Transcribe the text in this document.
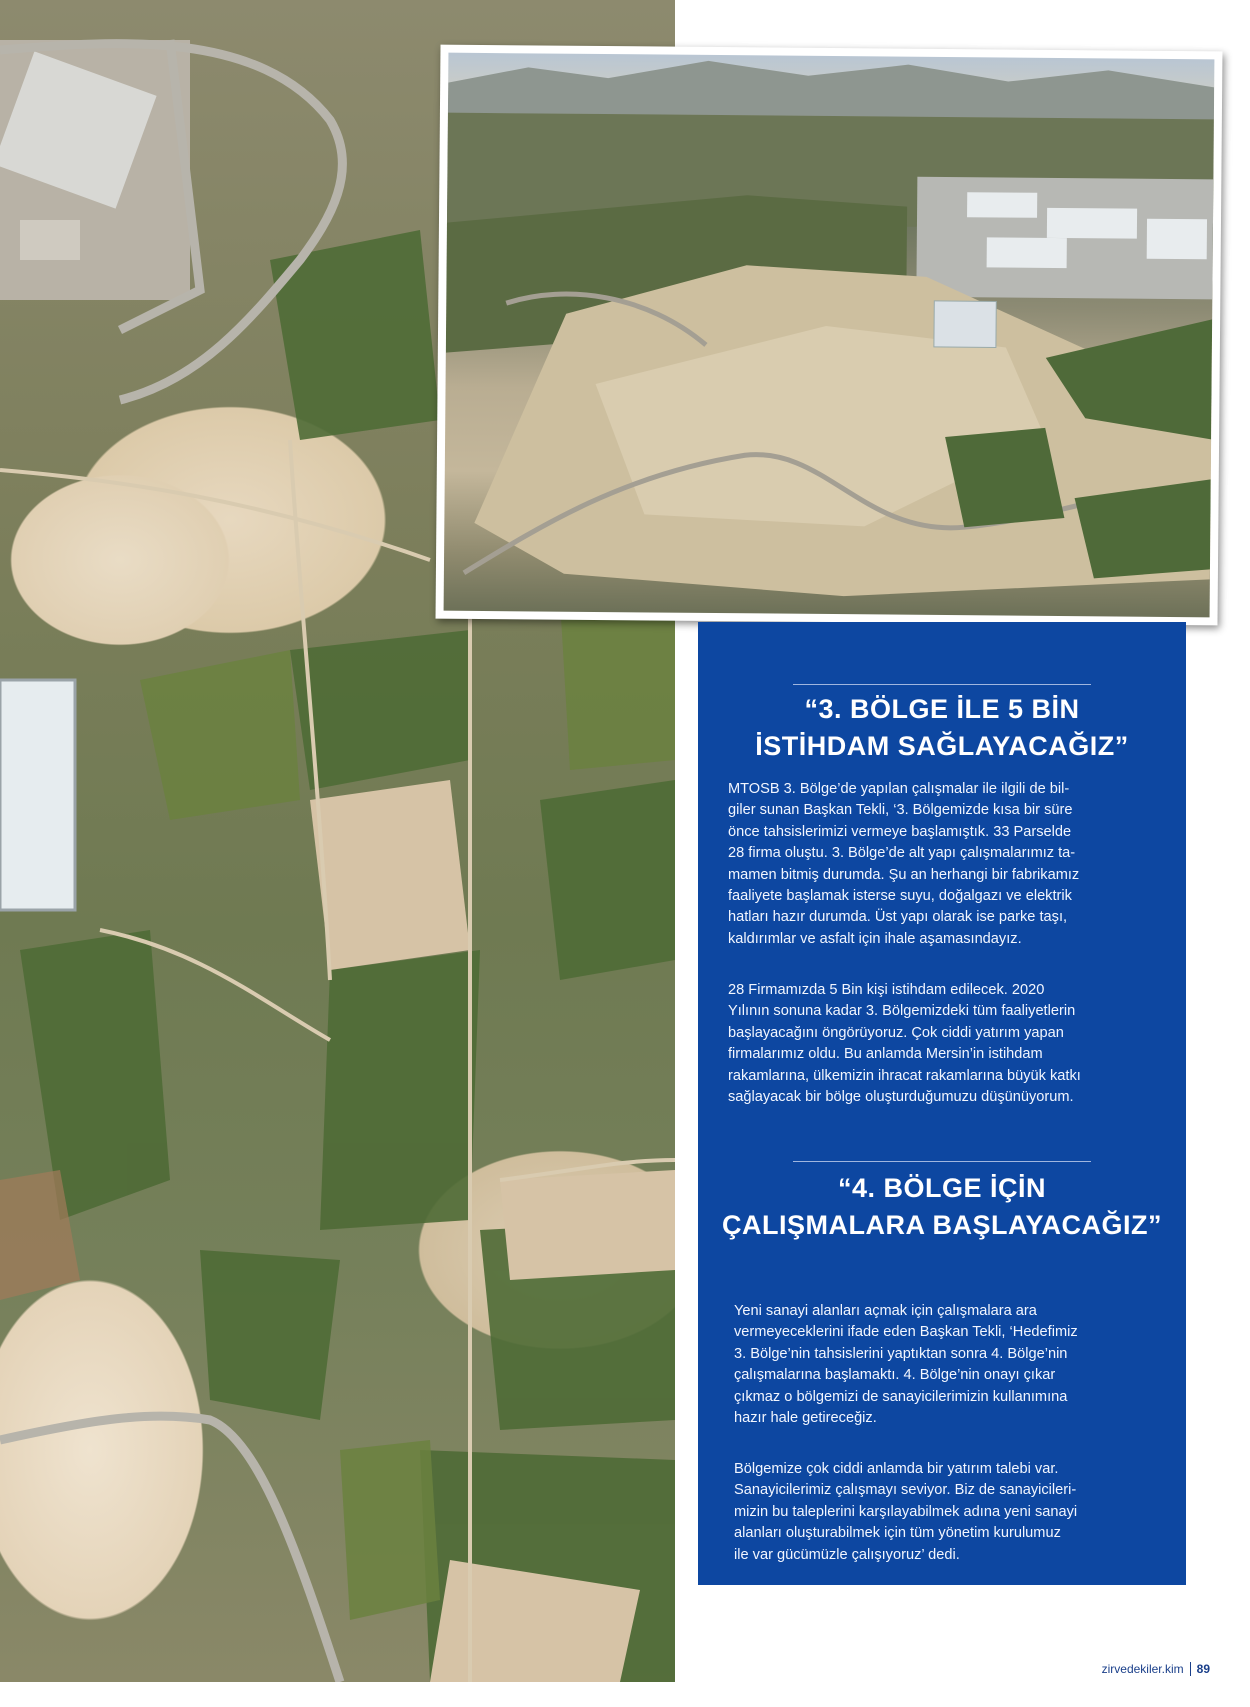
“3. BÖLGE İLE 5 BİN
İSTİHDAM SAĞLAYACAĞIZ”
MTOSB 3. Bölge’de yapılan çalışmalar ile ilgili de bil-
giler sunan Başkan Tekli, ‘3. Bölgemizde kısa bir süre
önce tahsislerimizi vermeye başlamıştık. 33 Parselde
28 firma oluştu. 3. Bölge’de alt yapı çalışmalarımız ta-
mamen bitmiş durumda. Şu an herhangi bir fabrikamız
faaliyete başlamak isterse suyu, doğalgazı ve elektrik
hatları hazır durumda. Üst yapı olarak ise parke taşı,
kaldırımlar ve asfalt için ihale aşamasındayız.
28 Firmamızda 5 Bin kişi istihdam edilecek. 2020
Yılının sonuna kadar 3. Bölgemizdeki tüm faaliyetlerin
başlayacağını öngörüyoruz. Çok ciddi yatırım yapan
firmalarımız oldu. Bu anlamda Mersin’in istihdam
rakamlarına, ülkemizin ihracat rakamlarına büyük katkı
sağlayacak bir bölge oluşturduğumuzu düşünüyorum.
“4. BÖLGE İÇİN
ÇALIŞMALARA BAŞLAYACAĞIZ”
Yeni sanayi alanları açmak için çalışmalara ara
vermeyeceklerini ifade eden Başkan Tekli, ‘Hedefimiz
3. Bölge’nin tahsislerini yaptıktan sonra 4. Bölge’nin
çalışmalarına başlamaktı. 4. Bölge’nin onayı çıkar
çıkmaz o bölgemizi de sanayicilerimizin kullanımına
hazır hale getireceğiz.
Bölgemize çok ciddi anlamda bir yatırım talebi var.
Sanayicilerimiz çalışmayı seviyor. Biz de sanayicileri-
mizin bu taleplerini karşılayabilmek adına yeni sanayi
alanları oluşturabilmek için tüm yönetim kurulumuz
ile var gücümüzle çalışıyoruz’ dedi.
zirvedekiler.kim 89
